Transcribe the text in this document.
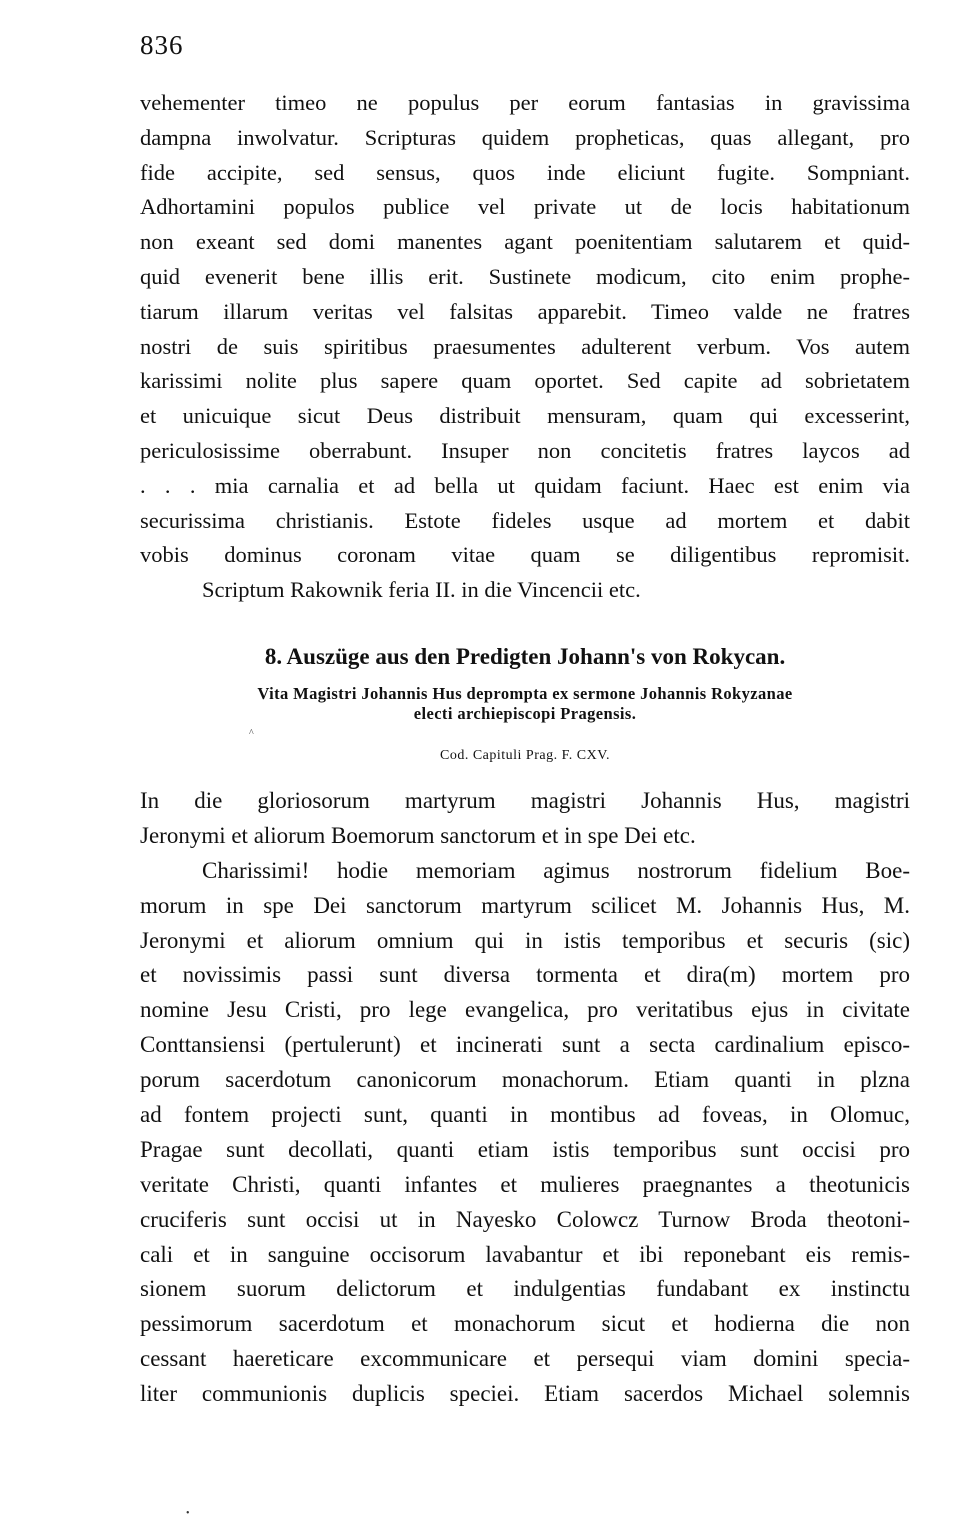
836
vehementer timeo ne populus per eorum fantasias in gravissima
dampna inwolvatur. Scripturas quidem propheticas, quas allegant, pro
fide accipite, sed sensus, quos inde eliciunt fugite. Sompniant.
Adhortamini populos publice vel private ut de locis habitationum
non exeant sed domi manentes agant poenitentiam salutarem et quid-
quid evenerit bene illis erit. Sustinete modicum, cito enim prophe-
tiarum illarum veritas vel falsitas apparebit. Timeo valde ne fratres
nostri de suis spiritibus praesumentes adulterent verbum. Vos autem
karissimi nolite plus sapere quam oportet. Sed capite ad sobrietatem
et unicuique sicut Deus distribuit mensuram, quam qui excesserint,
periculosissime oberrabunt. Insuper non concitetis fratres laycos ad
. . . mia carnalia et ad bella ut quidam faciunt. Haec est enim via
securissima christianis. Estote fideles usque ad mortem et dabit
vobis dominus coronam vitae quam se diligentibus repromisit.
Scriptum Rakownik feria II. in die Vincencii etc.
8. Auszüge aus den Predigten Johann's von Rokycan.
Vita Magistri Johannis Hus deprompta ex sermone Johannis Rokyzanae
electi archiepiscopi Pragensis.
Cod. Capituli Prag. F. CXV.
In die gloriosorum martyrum magistri Johannis Hus, magistri
Jeronymi et aliorum Boemorum sanctorum et in spe Dei etc.
Charissimi! hodie memoriam agimus nostrorum fidelium Boe-
morum in spe Dei sanctorum martyrum scilicet M. Johannis Hus, M.
Jeronymi et aliorum omnium qui in istis temporibus et securis (sic)
et novissimis passi sunt diversa tormenta et dira(m) mortem pro
nomine Jesu Cristi, pro lege evangelica, pro veritatibus ejus in civitate
Conttansiensi (pertulerunt) et incinerati sunt a secta cardinalium episco-
porum sacerdotum canonicorum monachorum. Etiam quanti in plzna
ad fontem projecti sunt, quanti in montibus ad foveas, in Olomuc,
Pragae sunt decollati, quanti etiam istis temporibus sunt occisi pro
veritate Christi, quanti infantes et mulieres praegnantes a theotunicis
cruciferis sunt occisi ut in Nayesko Colowcz Turnow Broda theotoni-
cali et in sanguine occisorum lavabantur et ibi reponebant eis remis-
sionem suorum delictorum et indulgentias fundabant ex instinctu
pessimorum sacerdotum et monachorum sicut et hodierna die non
cessant haereticare excommunicare et persequi viam domini specia-
liter communionis duplicis speciei. Etiam sacerdos Michael solemnis
^
•
